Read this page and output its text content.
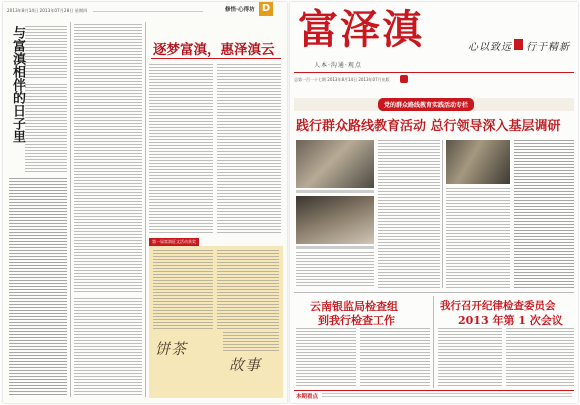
2013年8月14日 2013年07月28日 星期四	修悟·心得坊 D
与富滇相伴的日子里	逐梦富滇，惠泽滇云
第一届富滇征文活动获奖
饼茶
故事
富泽滇
人本·沟通·观点
总第一百一十七期 2013年8月14日 2013年07月出版
心以致远 行于精新
党的群众路线教育实践活动专栏
践行群众路线教育活动 总行领导深入基层调研
云南银监局检查组
到我行检查工作
我行召开纪律检查委员会
2013 年第 1 次会议
本期看点
